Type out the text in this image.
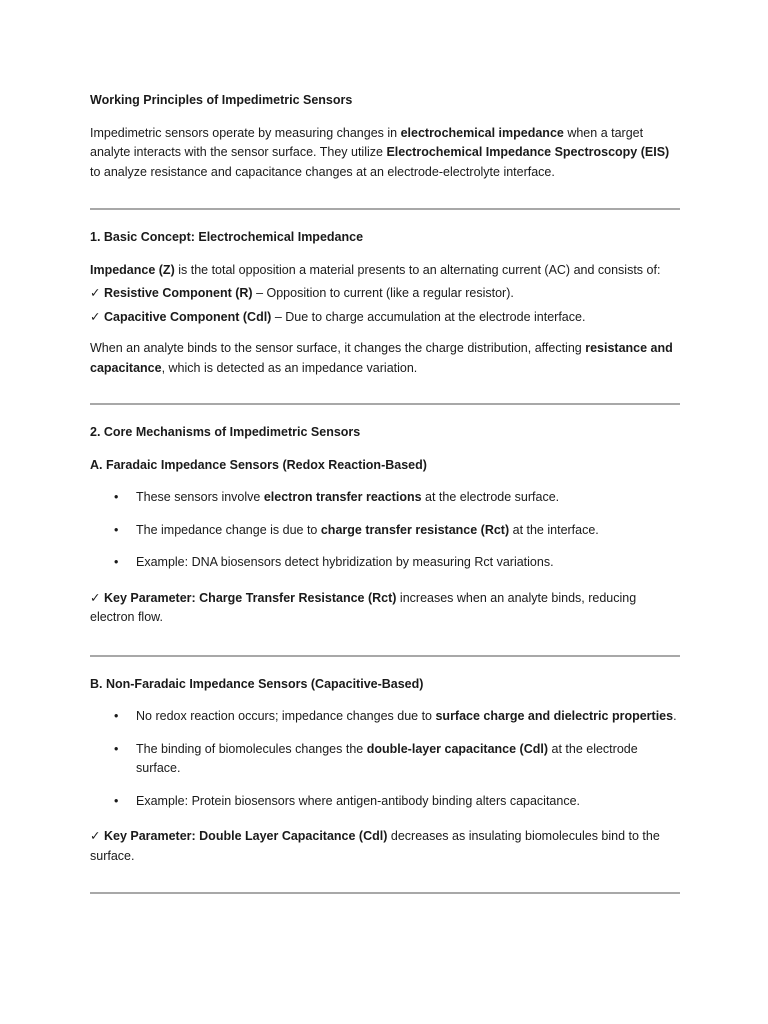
Working Principles of Impedimetric Sensors

Impedimetric sensors operate by measuring changes in electrochemical impedance when a target analyte interacts with the sensor surface. They utilize Electrochemical Impedance Spectroscopy (EIS) to analyze resistance and capacitance changes at an electrode-electrolyte interface.

1. Basic Concept: Electrochemical Impedance

Impedance (Z) is the total opposition a material presents to an alternating current (AC) and consists of:

✓ Resistive Component (R) – Opposition to current (like a regular resistor).

✓ Capacitive Component (Cdl) – Due to charge accumulation at the electrode interface.

When an analyte binds to the sensor surface, it changes the charge distribution, affecting resistance and capacitance, which is detected as an impedance variation.

2. Core Mechanisms of Impedimetric Sensors
A. Faradaic Impedance Sensors (Redox Reaction-Based)
• These sensors involve electron transfer reactions at the electrode surface.
• The impedance change is due to charge transfer resistance (Rct) at the interface.
• Example: DNA biosensors detect hybridization by measuring Rct variations.

✓ Key Parameter: Charge Transfer Resistance (Rct) increases when an analyte binds, reducing electron flow.

B. Non-Faradaic Impedance Sensors (Capacitive-Based)
• No redox reaction occurs; impedance changes due to surface charge and dielectric properties.
• The binding of biomolecules changes the double-layer capacitance (Cdl) at the electrode surface.
• Example: Protein biosensors where antigen-antibody binding alters capacitance.

✓ Key Parameter: Double Layer Capacitance (Cdl) decreases as insulating biomolecules bind to the surface.
